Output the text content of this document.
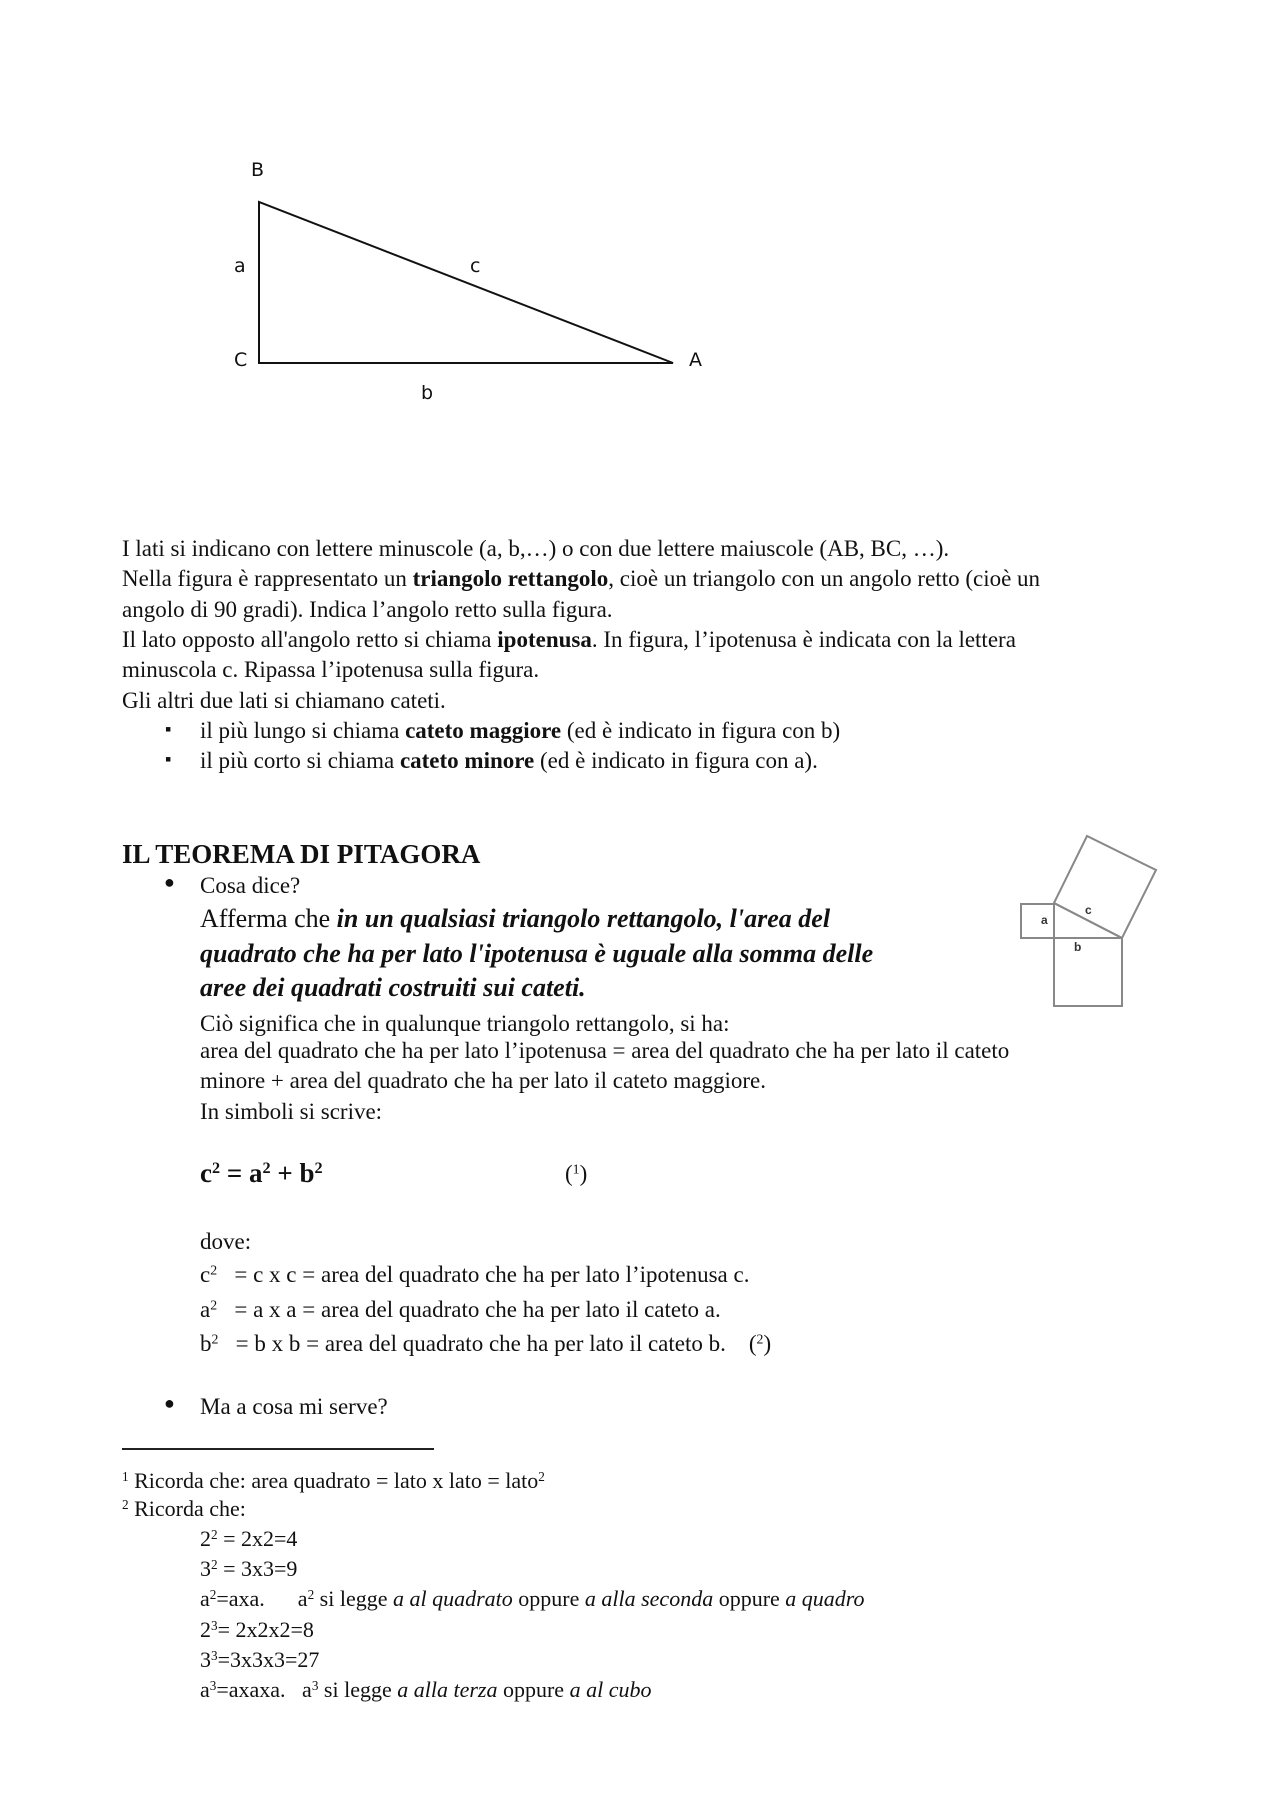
B
a	c
C	A
b
I lati si indicano con lettere minuscole (a, b,…) o con due lettere maiuscole (AB, BC, …).
Nella figura è rappresentato un triangolo rettangolo, cioè un triangolo con un angolo retto (cioè un
angolo di 90 gradi). Indica l’angolo retto sulla figura.
Il lato opposto all'angolo retto si chiama ipotenusa. In figura, l’ipotenusa è indicata con la lettera
minuscola c. Ripassa l’ipotenusa sulla figura.
Gli altri due lati si chiamano cateti.
il più lungo si chiama cateto maggiore (ed è indicato in figura con b)
▪
il più corto si chiama cateto minore (ed è indicato in figura con a).
▪
IL TEOREMA DI PITAGORA
● Cosa dice?
Afferma che in un qualsiasi triangolo rettangolo, l'area del
quadrato che ha per lato l'ipotenusa è uguale alla somma delle
aree dei quadrati costruiti sui cateti.
Ciò significa che in qualunque triangolo rettangolo, si ha:
area del quadrato che ha per lato l’ipotenusa = area del quadrato che ha per lato il cateto
minore + area del quadrato che ha per lato il cateto maggiore.
In simboli si scrive:
$c^2 = a^2 + b^2$	($^1$)
dove:
$c^2 = c$ x c = area del quadrato che ha per lato l’ipotenusa c.
$a^2 = a$ x a = area del quadrato che ha per lato il cateto a.
$b^2 = b$ x b = area del quadrato che ha per lato il cateto b.    ($^2$)
● Ma a cosa mi serve?
a
b
c
$^1$ Ricorda che: area quadrato = lato x lato = lato$^2$
$^2$ Ricorda che:
$2^2 = 2x2=4$
$3^2 = 3x3=9$
$a^2=axa$.      $a^2$ si legge a al quadrato oppure a alla seconda oppure a quadro
$2^3= 2x2x2=8$
$3^3=3x3x3=27$
$a^3=axaxa$.   $a^3$ si legge a alla terza oppure a al cubo
